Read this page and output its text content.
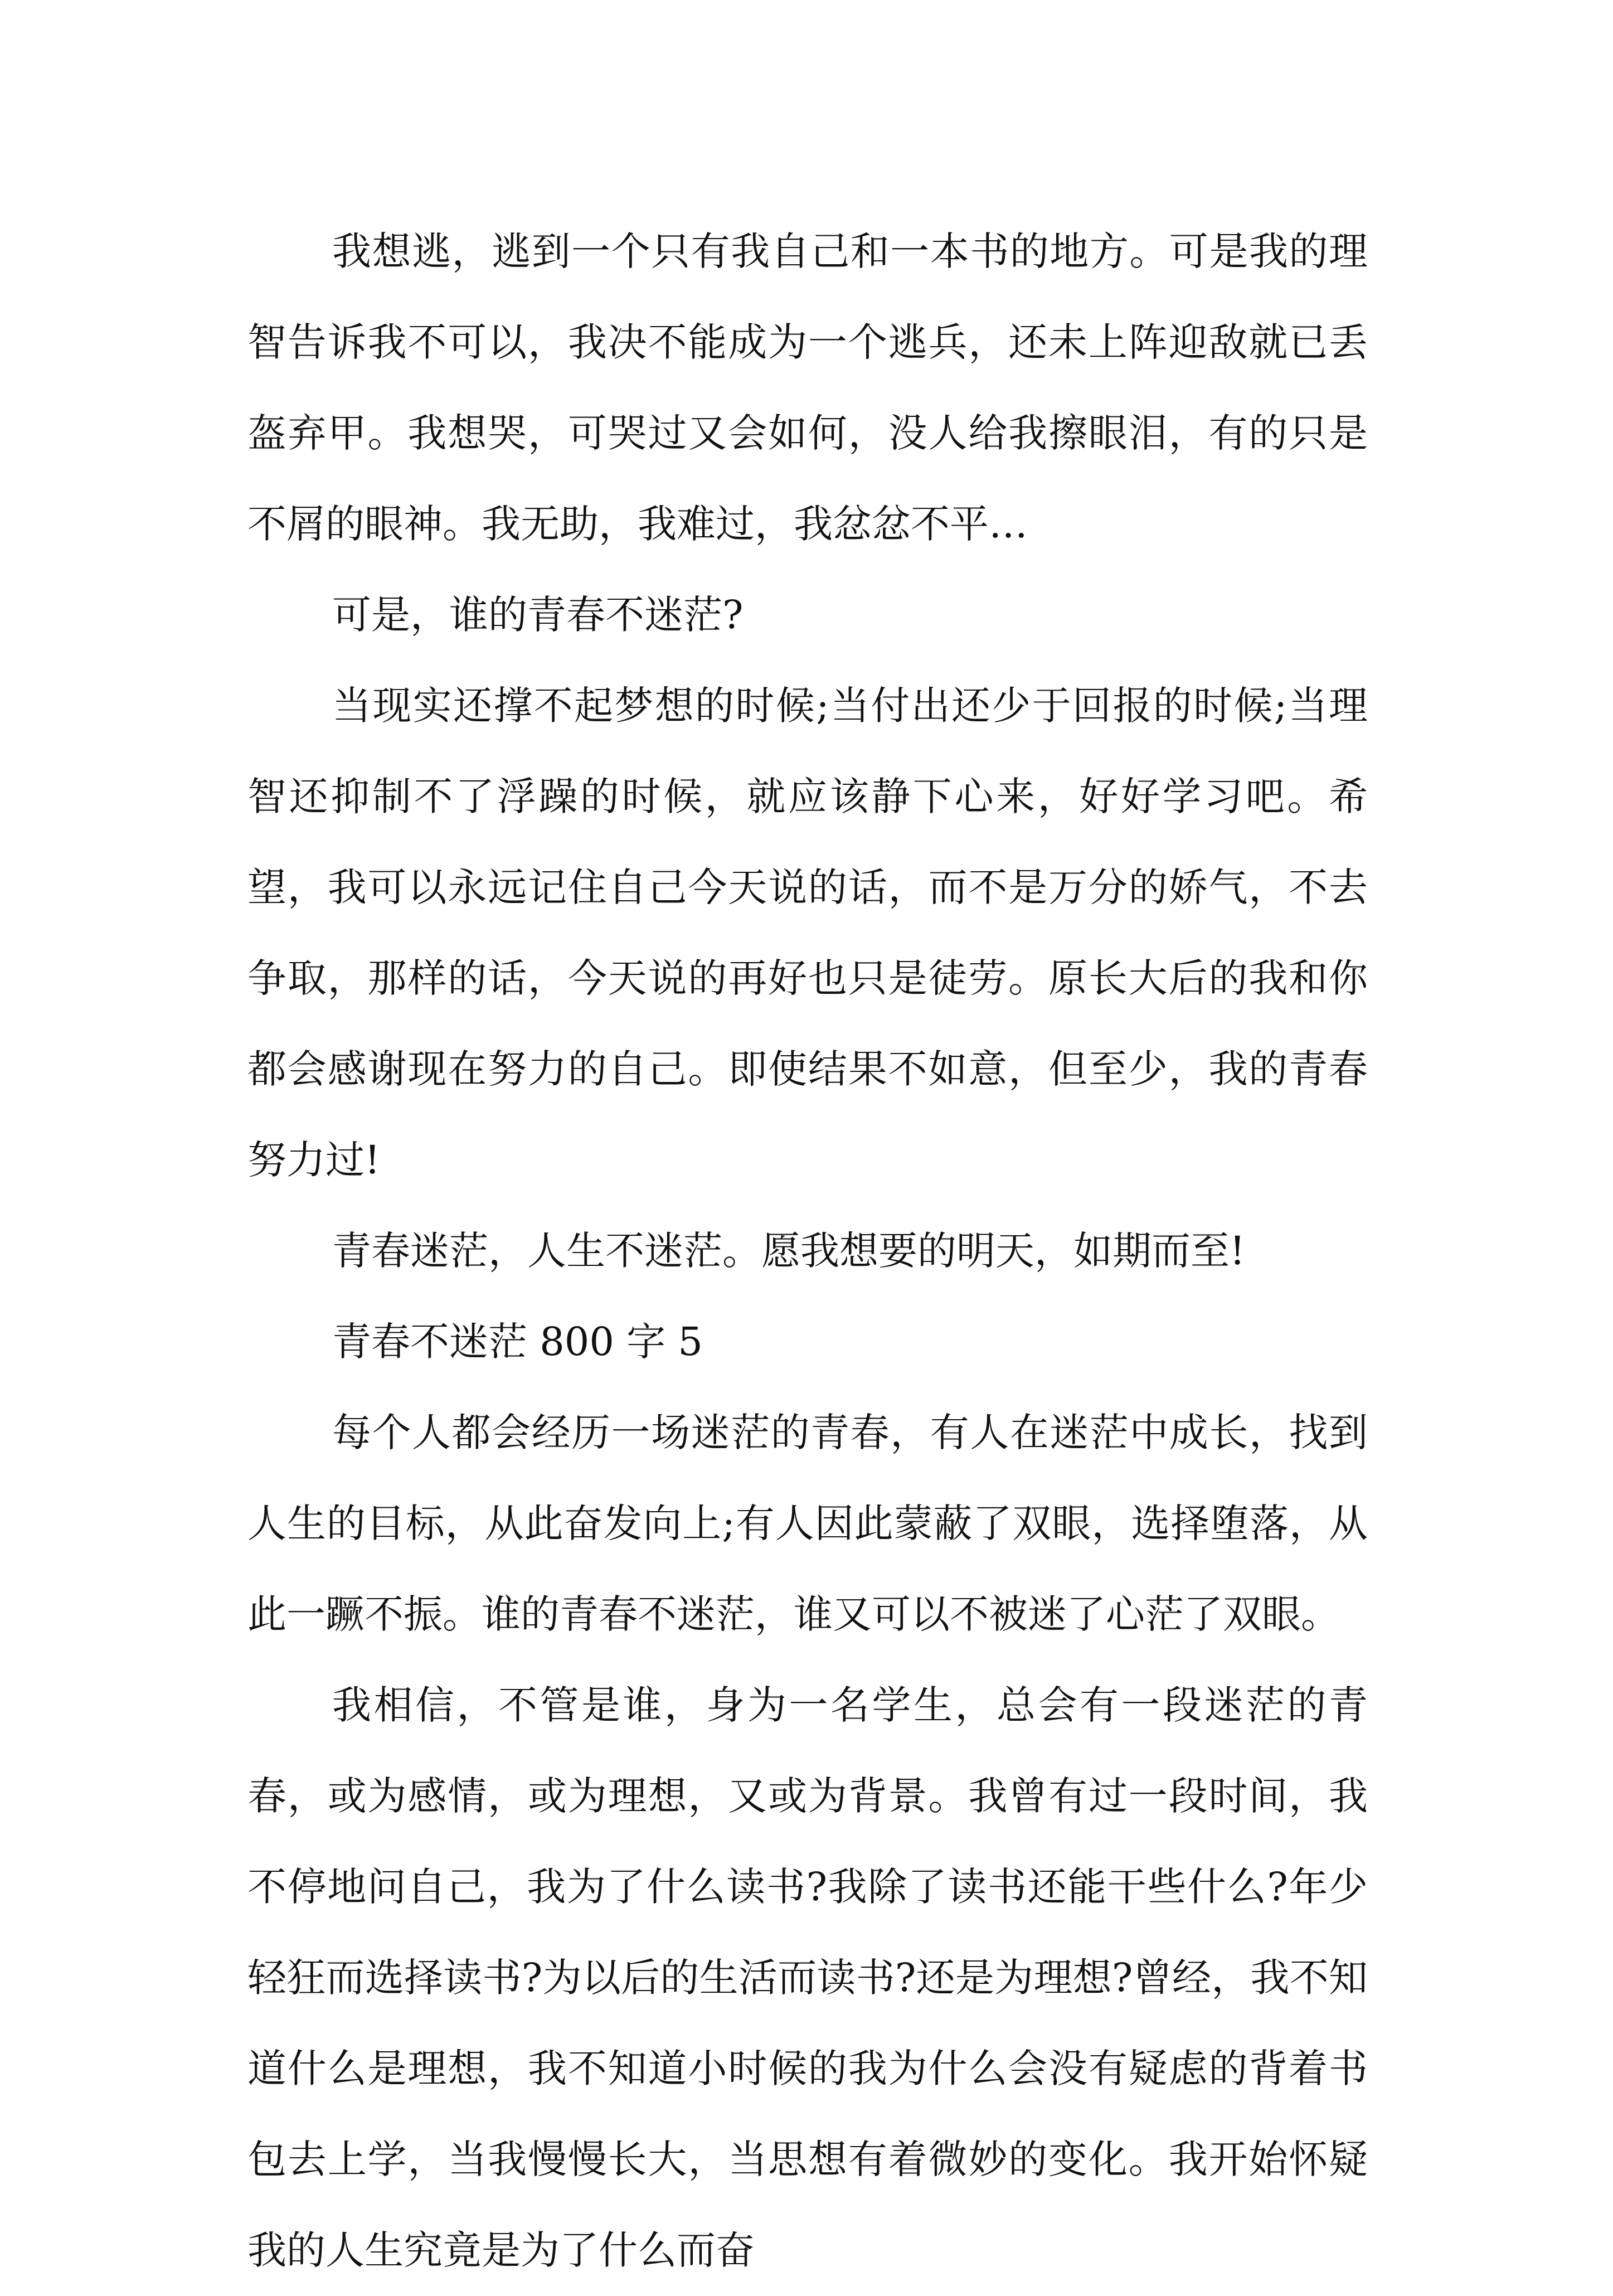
我想逃，逃到一个只有我自己和一本书的地方。可是我的理智告诉我不可以，我决不能成为一个逃兵，还未上阵迎敌就已丢盔弃甲。我想哭，可哭过又会如何，没人给我擦眼泪，有的只是不屑的眼神。我无助，我难过，我忿忿不平…

可是，谁的青春不迷茫?

当现实还撑不起梦想的时候;当付出还少于回报的时候;当理智还抑制不了浮躁的时候，就应该静下心来，好好学习吧。希望，我可以永远记住自己今天说的话，而不是万分的娇气，不去争取，那样的话，今天说的再好也只是徒劳。原长大后的我和你都会感谢现在努力的自己。即使结果不如意，但至少，我的青春努力过!

青春迷茫，人生不迷茫。愿我想要的明天，如期而至!

青春不迷茫 800 字 5

每个人都会经历一场迷茫的青春，有人在迷茫中成长，找到人生的目标，从此奋发向上;有人因此蒙蔽了双眼，选择堕落，从此一蹶不振。谁的青春不迷茫，谁又可以不被迷了心茫了双眼。

我相信，不管是谁，身为一名学生，总会有一段迷茫的青春，或为感情，或为理想，又或为背景。我曾有过一段时间，我不停地问自己，我为了什么读书?我除了读书还能干些什么?年少轻狂而选择读书?为以后的生活而读书?还是为理想?曾经，我不知道什么是理想，我不知道小时候的我为什么会没有疑虑的背着书包去上学，当我慢慢长大，当思想有着微妙的变化。我开始怀疑我的人生究竟是为了什么而奋
